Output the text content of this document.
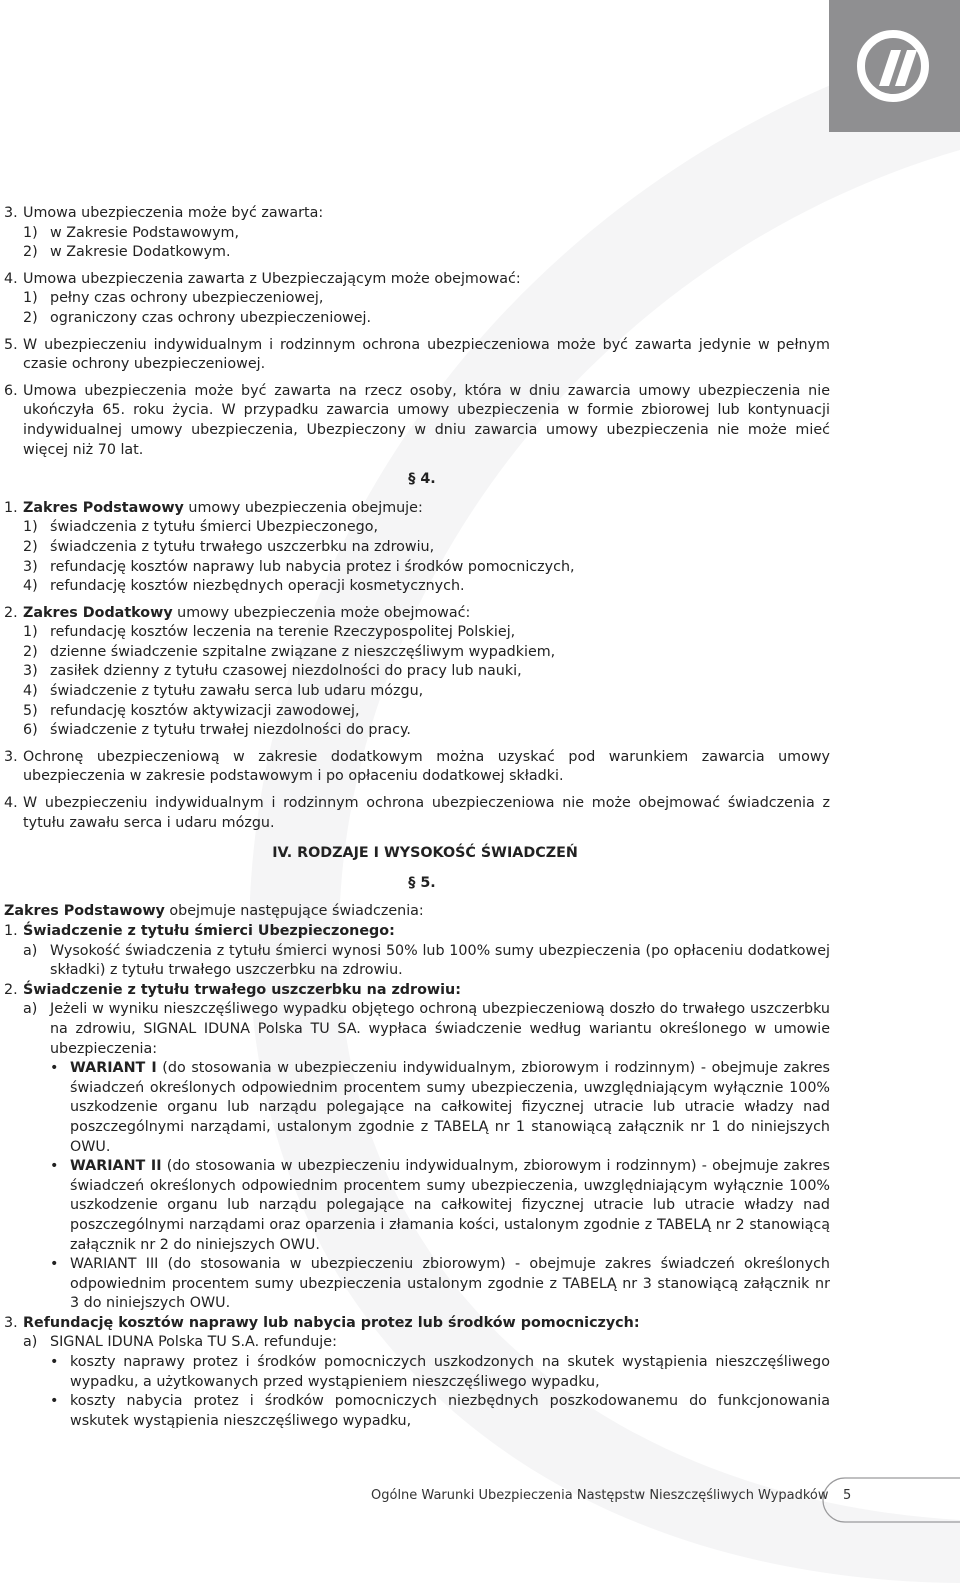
3. Umowa ubezpieczenia może być zawarta:
1) w Zakresie Podstawowym,
2) w Zakresie Dodatkowym.
4. Umowa ubezpieczenia zawarta z Ubezpieczającym może obejmować:
1) pełny czas ochrony ubezpieczeniowej,
2) ograniczony czas ochrony ubezpieczeniowej.
5. W ubezpieczeniu indywidualnym i rodzinnym ochrona ubezpieczeniowa może być zawarta jedynie w pełnym czasie ochrony ubezpieczeniowej.
6. Umowa ubezpieczenia może być zawarta na rzecz osoby, która w dniu zawarcia umowy ubezpieczenia nie ukończyła 65. roku życia. W przypadku zawarcia umowy ubezpieczenia w formie zbiorowej lub kontynuacji indywidualnej umowy ubezpieczenia, Ubezpieczony w dniu zawarcia umowy ubezpieczenia nie może mieć więcej niż 70 lat.
§ 4.
1. Zakres Podstawowy umowy ubezpieczenia obejmuje:
1) świadczenia z tytułu śmierci Ubezpieczonego,
2) świadczenia z tytułu trwałego uszczerbku na zdrowiu,
3) refundację kosztów naprawy lub nabycia protez i środków pomocniczych,
4) refundację kosztów niezbędnych operacji kosmetycznych.
2. Zakres Dodatkowy umowy ubezpieczenia może obejmować:
1) refundację kosztów leczenia na terenie Rzeczypospolitej Polskiej,
2) dzienne świadczenie szpitalne związane z nieszczęśliwym wypadkiem,
3) zasiłek dzienny z tytułu czasowej niezdolności do pracy lub nauki,
4) świadczenie z tytułu zawału serca lub udaru mózgu,
5) refundację kosztów aktywizacji zawodowej,
6) świadczenie z tytułu trwałej niezdolności do pracy.
3. Ochronę ubezpieczeniową w zakresie dodatkowym można uzyskać pod warunkiem zawarcia umowy ubezpieczenia w zakresie podstawowym i po opłaceniu dodatkowej składki.
4. W ubezpieczeniu indywidualnym i rodzinnym ochrona ubezpieczeniowa nie może obejmować świadczenia z tytułu zawału serca i udaru mózgu.
IV. RODZAJE I WYSOKOŚĆ ŚWIADCZEŃ
§ 5.
Zakres Podstawowy obejmuje następujące świadczenia:
1. Świadczenie z tytułu śmierci Ubezpieczonego:
a) Wysokość świadczenia z tytułu śmierci wynosi 50% lub 100% sumy ubezpieczenia (po opłaceniu dodatkowej składki) z tytułu trwałego uszczerbku na zdrowiu.
2. Świadczenie z tytułu trwałego uszczerbku na zdrowiu:
a) Jeżeli w wyniku nieszczęśliwego wypadku objętego ochroną ubezpieczeniową doszło do trwałego uszczerbku na zdrowiu, SIGNAL IDUNA Polska TU SA. wypłaca świadczenie według wariantu określonego w umowie ubezpieczenia:
• WARIANT I (do stosowania w ubezpieczeniu indywidualnym, zbiorowym i rodzinnym) - obejmuje zakres świadczeń określonych odpowiednim procentem sumy ubezpieczenia, uwzględniającym wyłącznie 100% uszkodzenie organu lub narządu polegające na całkowitej fizycznej utracie lub utracie władzy nad poszczególnymi narządami, ustalonym zgodnie z TABELĄ nr 1 stanowiącą załącznik nr 1 do niniejszych OWU.
• WARIANT II (do stosowania w ubezpieczeniu indywidualnym, zbiorowym i rodzinnym) - obejmuje zakres świadczeń określonych odpowiednim procentem sumy ubezpieczenia, uwzględniającym wyłącznie 100% uszkodzenie organu lub narządu polegające na całkowitej fizycznej utracie lub utracie władzy nad poszczególnymi narządami oraz oparzenia i złamania kości, ustalonym zgodnie z TABELĄ nr 2 stanowiącą załącznik nr 2 do niniejszych OWU.
• WARIANT III (do stosowania w ubezpieczeniu zbiorowym) - obejmuje zakres świadczeń określonych odpowiednim procentem sumy ubezpieczenia ustalonym zgodnie z TABELĄ nr 3 stanowiącą załącznik nr 3 do niniejszych OWU.
3. Refundację kosztów naprawy lub nabycia protez lub środków pomocniczych:
a) SIGNAL IDUNA Polska TU S.A. refunduje:
• koszty naprawy protez i środków pomocniczych uszkodzonych na skutek wystąpienia nieszczęśliwego wypadku, a użytkowanych przed wystąpieniem nieszczęśliwego wypadku,
• koszty nabycia protez i środków pomocniczych niezbędnych poszkodowanemu do funkcjonowania wskutek wystąpienia nieszczęśliwego wypadku,
Ogólne Warunki Ubezpieczenia Następstw Nieszczęśliwych Wypadków 5
